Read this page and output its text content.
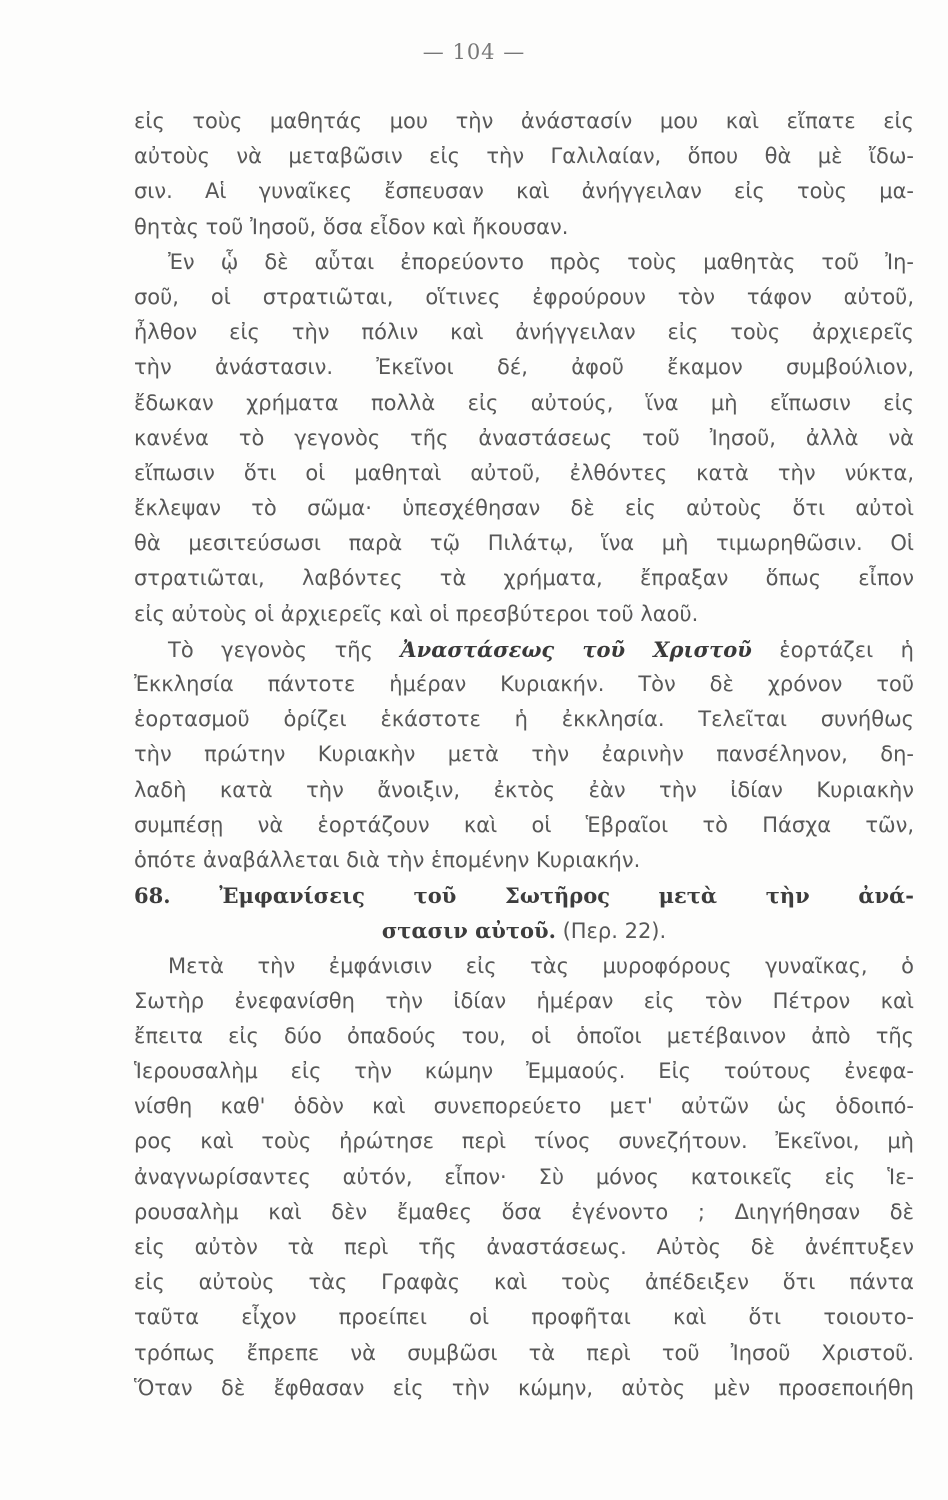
— 104 —
εἰς τοὺς μαθητάς μου τὴν ἀνάστασίν μου καὶ εἴπατε εἰς
αὐτοὺς νὰ μεταβῶσιν εἰς τὴν Γαλιλαίαν, ὅπου θὰ μὲ ἴδω-
σιν. Αἱ γυναῖκες ἔσπευσαν καὶ ἀνήγγειλαν εἰς τοὺς μα-
θητὰς τοῦ Ἰησοῦ, ὅσα εἶδον καὶ ἤκουσαν.
Ἐν ᾧ δὲ αὗται ἐπορεύοντο πρὸς τοὺς μαθητὰς τοῦ Ἰη-
σοῦ, οἱ στρατιῶται, οἵτινες ἐφρούρουν τὸν τάφον αὐτοῦ,
ἦλθον εἰς τὴν πόλιν καὶ ἀνήγγειλαν εἰς τοὺς ἀρχιερεῖς
τὴν ἀνάστασιν. Ἐκεῖνοι δέ, ἀφοῦ ἔκαμον συμβούλιον,
ἔδωκαν χρήματα πολλὰ εἰς αὐτούς, ἵνα μὴ εἴπωσιν εἰς
κανένα τὸ γεγονὸς τῆς ἀναστάσεως τοῦ Ἰησοῦ, ἀλλὰ νὰ
εἴπωσιν ὅτι οἱ μαθηταὶ αὐτοῦ, ἐλθόντες κατὰ τὴν νύκτα,
ἔκλεψαν τὸ σῶμα· ὑπεσχέθησαν δὲ εἰς αὐτοὺς ὅτι αὐτοὶ
θὰ μεσιτεύσωσι παρὰ τῷ Πιλάτῳ, ἵνα μὴ τιμωρηθῶσιν. Οἱ
στρατιῶται, λαβόντες τὰ χρήματα, ἔπραξαν ὅπως εἶπον
εἰς αὐτοὺς οἱ ἀρχιερεῖς καὶ οἱ πρεσβύτεροι τοῦ λαοῦ.
Τὸ γεγονὸς τῆς Ἀναστάσεως τοῦ Χριστοῦ ἑορτάζει ἡ
Ἐκκλησία πάντοτε ἡμέραν Κυριακήν. Τὸν δὲ χρόνον τοῦ
ἑορτασμοῦ ὁρίζει ἑκάστοτε ἡ ἐκκλησία. Τελεῖται συνήθως
τὴν πρώτην Κυριακὴν μετὰ τὴν ἐαρινὴν πανσέληνον, δη-
λαδὴ κατὰ τὴν ἄνοιξιν, ἐκτὸς ἐὰν τὴν ἰδίαν Κυριακὴν
συμπέσῃ νὰ ἑορτάζουν καὶ οἱ Ἑβραῖοι τὸ Πάσχα τῶν,
ὁπότε ἀναβάλλεται διὰ τὴν ἑπομένην Κυριακήν.
68. Ἐμφανίσεις τοῦ Σωτῆρος μετὰ τὴν ἀνά-
στασιν αὐτοῦ. (Περ. 22).
Μετὰ τὴν ἐμφάνισιν εἰς τὰς μυροφόρους γυναῖκας, ὁ
Σωτὴρ ἐνεφανίσθη τὴν ἰδίαν ἡμέραν εἰς τὸν Πέτρον καὶ
ἔπειτα εἰς δύο ὀπαδούς του, οἱ ὁποῖοι μετέβαινον ἀπὸ τῆς
Ἱερουσαλὴμ εἰς τὴν κώμην Ἐμμαούς. Εἰς τούτους ἐνεφα-
νίσθη καθ' ὁδὸν καὶ συνεπορεύετο μετ' αὐτῶν ὡς ὁδοιπό-
ρος καὶ τοὺς ἠρώτησε περὶ τίνος συνεζήτουν. Ἐκεῖνοι, μὴ
ἀναγνωρίσαντες αὐτόν, εἶπον· Σὺ μόνος κατοικεῖς εἰς Ἱε-
ρουσαλὴμ καὶ δὲν ἔμαθες ὅσα ἐγένοντο ; Διηγήθησαν δὲ
εἰς αὐτὸν τὰ περὶ τῆς ἀναστάσεως. Αὐτὸς δὲ ἀνέπτυξεν
εἰς αὐτοὺς τὰς Γραφὰς καὶ τοὺς ἀπέδειξεν ὅτι πάντα
ταῦτα εἶχον προείπει οἱ προφῆται καὶ ὅτι τοιουτο-
τρόπως ἔπρεπε νὰ συμβῶσι τὰ περὶ τοῦ Ἰησοῦ Χριστοῦ.
Ὅταν δὲ ἔφθασαν εἰς τὴν κώμην, αὐτὸς μὲν προσεποιήθη
